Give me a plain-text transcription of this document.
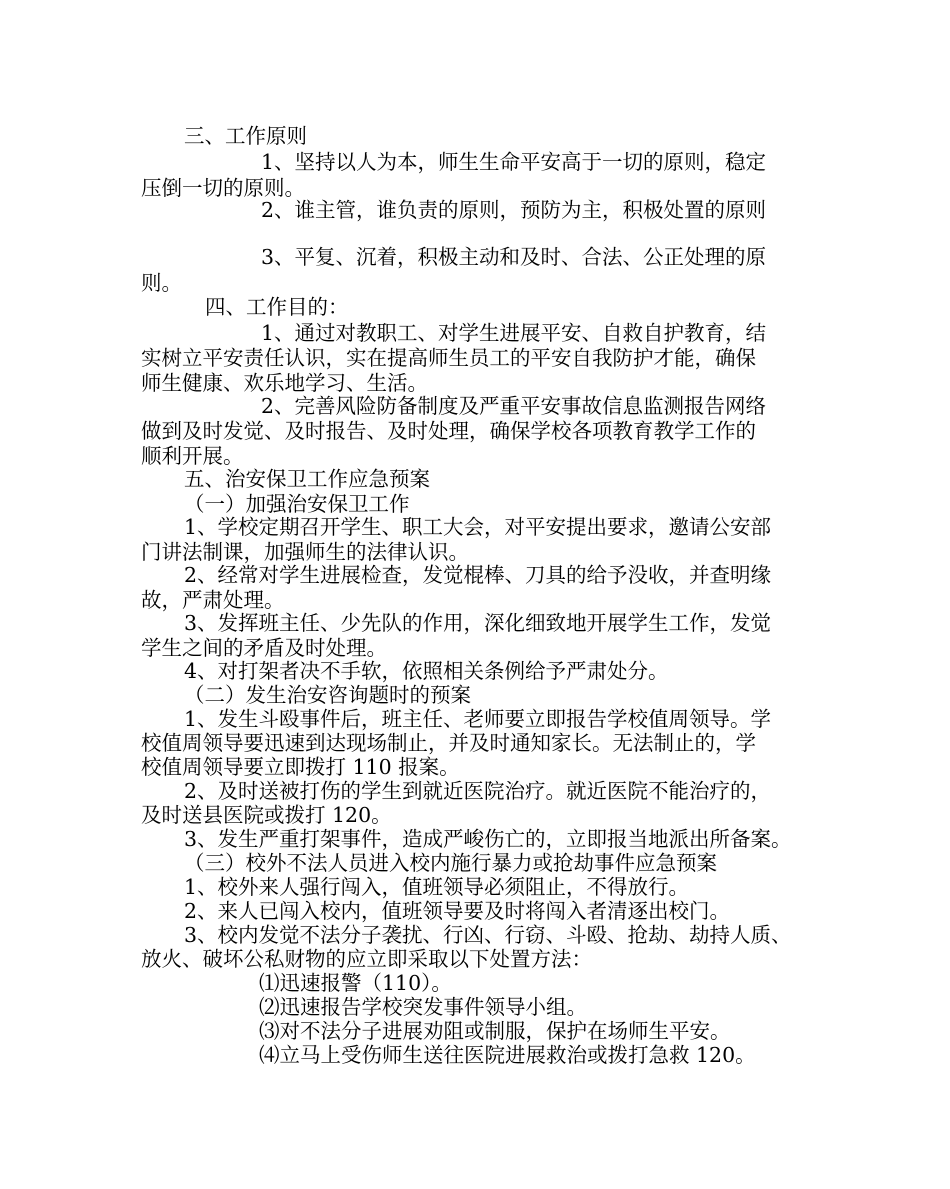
三、工作原则
1、坚持以人为本，师生生命平安高于一切的原则，稳定
压倒一切的原则。
2、谁主管，谁负责的原则，预防为主，积极处置的原则
3、平复、沉着，积极主动和及时、合法、公正处理的原
则。
四、工作目的：
1、通过对教职工、对学生进展平安、自救自护教育，结
实树立平安责任认识，实在提高师生员工的平安自我防护才能，确保
师生健康、欢乐地学习、生活。
2、完善风险防备制度及严重平安事故信息监测报告网络
做到及时发觉、及时报告、及时处理，确保学校各项教育教学工作的
顺利开展。
五、治安保卫工作应急预案
（一）加强治安保卫工作
1、学校定期召开学生、职工大会，对平安提出要求，邀请公安部
门讲法制课，加强师生的法律认识。
2、经常对学生进展检查，发觉棍棒、刀具的给予没收，并查明缘
故，严肃处理。
3、发挥班主任、少先队的作用，深化细致地开展学生工作，发觉
学生之间的矛盾及时处理。
4、对打架者决不手软，依照相关条例给予严肃处分。
（二）发生治安咨询题时的预案
1、发生斗殴事件后，班主任、老师要立即报告学校值周领导。学
校值周领导要迅速到达现场制止，并及时通知家长。无法制止的，学
校值周领导要立即拨打 110 报案。
2、及时送被打伤的学生到就近医院治疗。就近医院不能治疗的，
及时送县医院或拨打 120。
3、发生严重打架事件，造成严峻伤亡的，立即报当地派出所备案。
（三）校外不法人员进入校内施行暴力或抢劫事件应急预案
1、校外来人强行闯入，值班领导必须阻止，不得放行。
2、来人已闯入校内，值班领导要及时将闯入者清逐出校门。
3、校内发觉不法分子袭扰、行凶、行窃、斗殴、抢劫、劫持人质、
放火、破坏公私财物的应立即采取以下处置方法：
⑴迅速报警（110）。
⑵迅速报告学校突发事件领导小组。
⑶对不法分子进展劝阻或制服，保护在场师生平安。
⑷立马上受伤师生送往医院进展救治或拨打急救 120。
